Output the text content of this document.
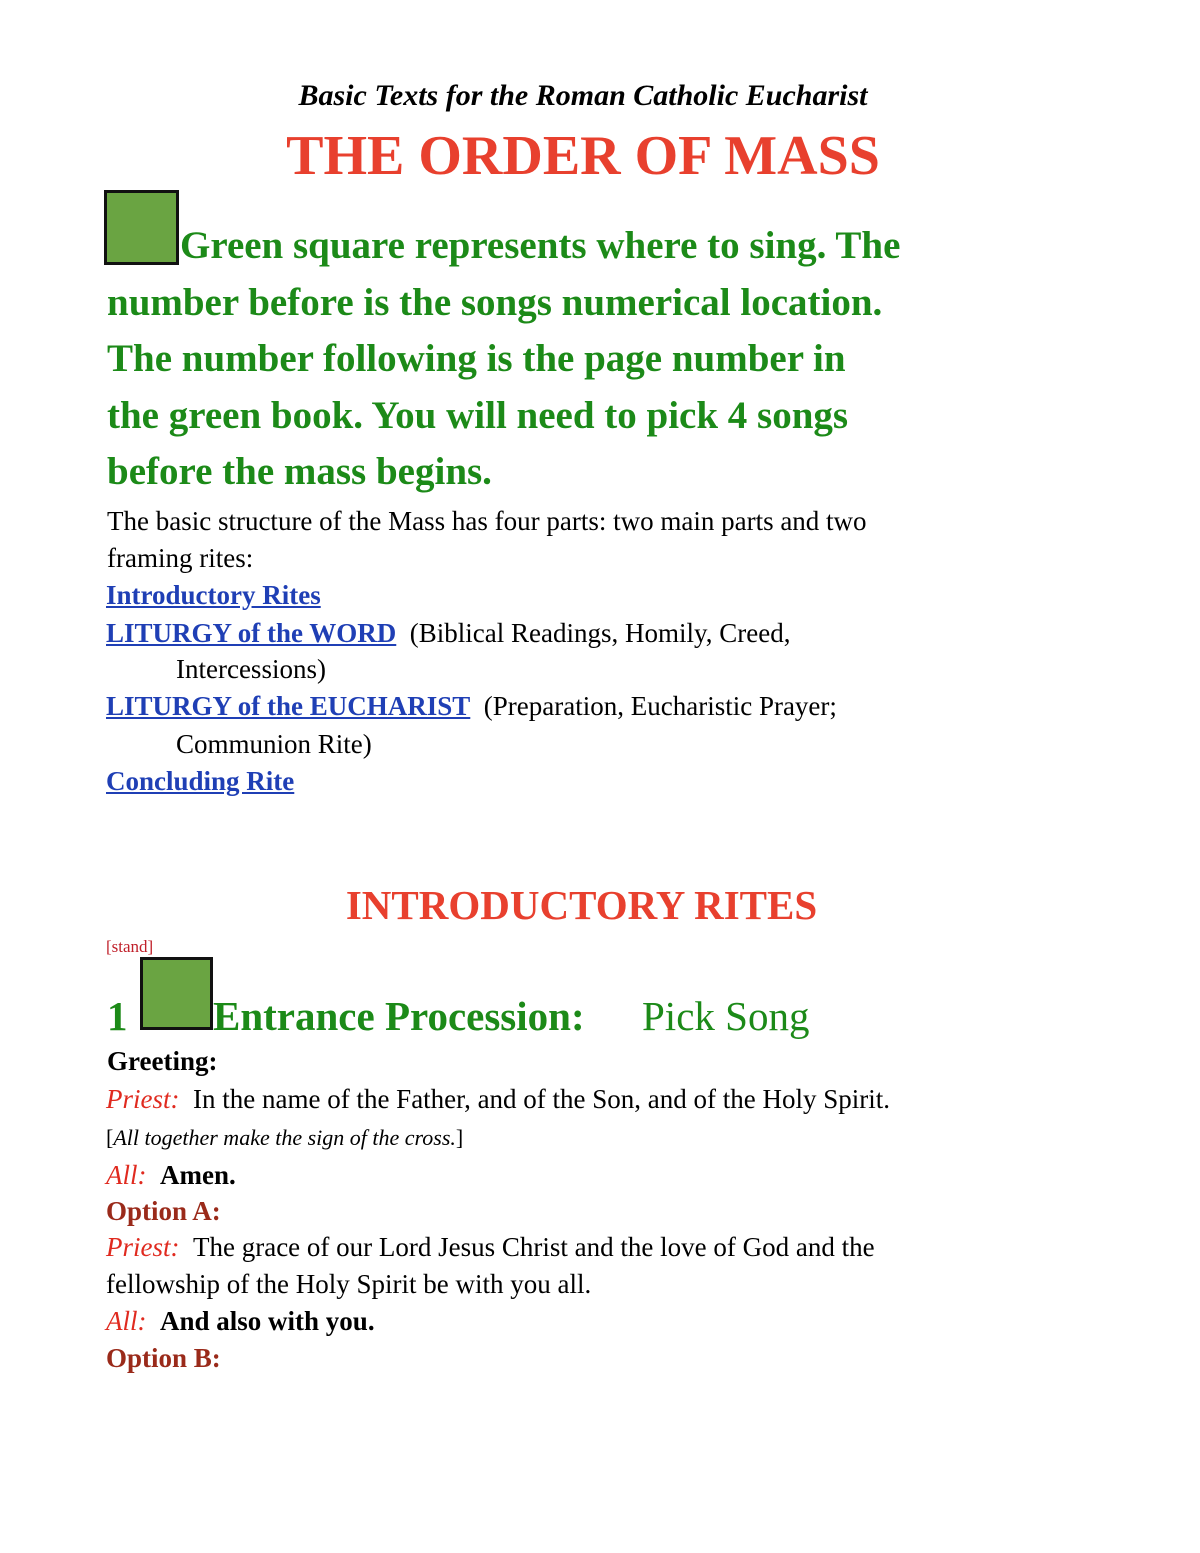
Basic Texts for the Roman Catholic Eucharist

THE ORDER OF MASS

Green square represents where to sing. The
number before is the songs numerical location.
The number following is the page number in
the green book. You will need to pick 4 songs
before the mass begins.

The basic structure of the Mass has four parts: two main parts and two

framing rites:

Introductory Rites

LITURGY of the WORD (Biblical Readings, Homily, Creed,

Intercessions)

LITURGY of the EUCHARIST (Preparation, Eucharistic Prayer;

Communion Rite)

Concluding Rite

INTRODUCTORY RITES

[stand]

1 Entrance Procession: Pick Song

Greeting:

Priest: In the name of the Father, and of the Son, and of the Holy Spirit.

[All together make the sign of the cross.]

All: Amen.

Option A:

Priest: The grace of our Lord Jesus Christ and the love of God and the

fellowship of the Holy Spirit be with you all.

All: And also with you.

Option B:
